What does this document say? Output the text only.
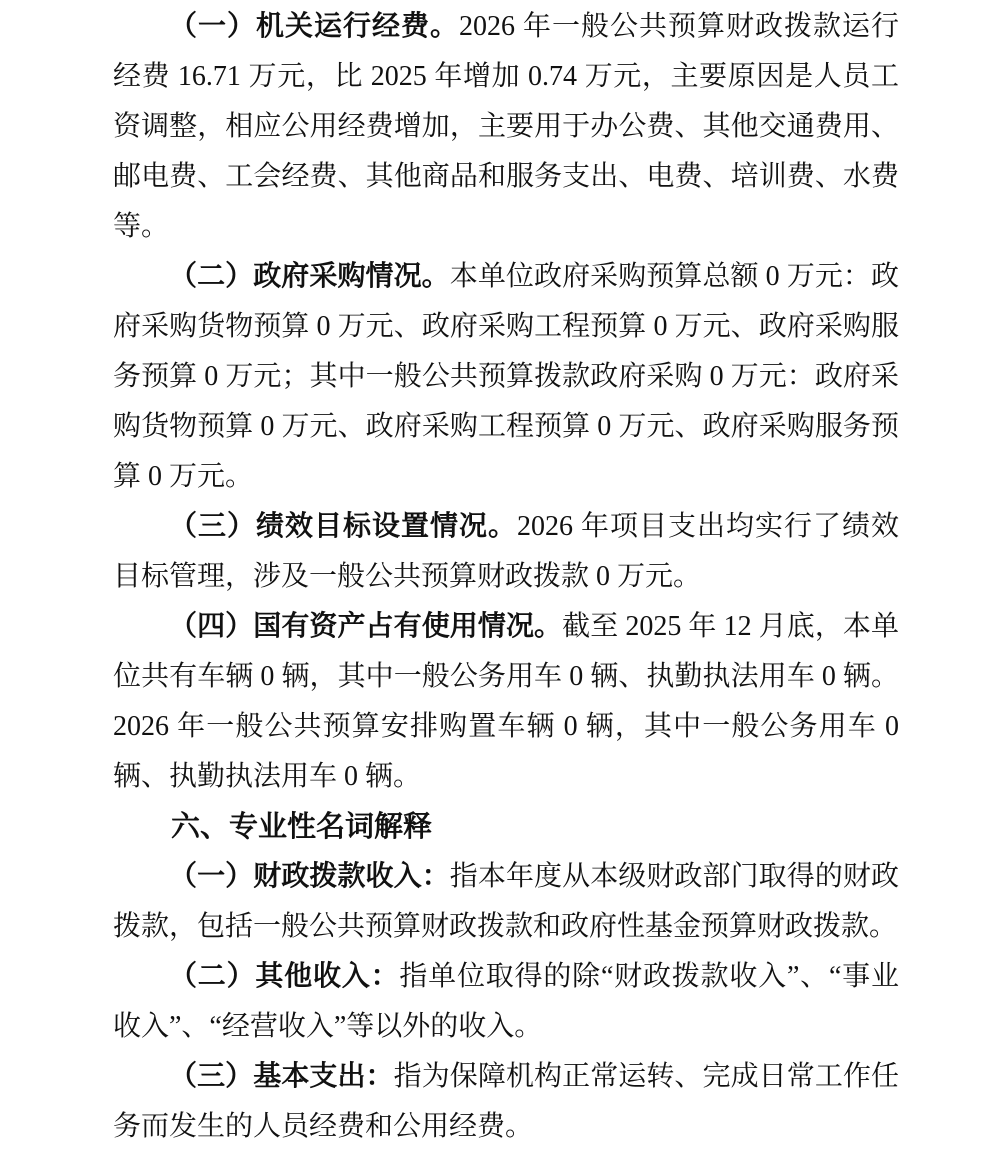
（一）机关运行经费。2026 年一般公共预算财政拨款运行经费 16.71 万元，比 2025 年增加 0.74 万元，主要原因是人员工资调整，相应公用经费增加，主要用于办公费、其他交通费用、邮电费、工会经费、其他商品和服务支出、电费、培训费、水费等。

（二）政府采购情况。本单位政府采购预算总额 0 万元：政府采购货物预算 0 万元、政府采购工程预算 0 万元、政府采购服务预算 0 万元；其中一般公共预算拨款政府采购 0 万元：政府采购货物预算 0 万元、政府采购工程预算 0 万元、政府采购服务预算 0 万元。

（三）绩效目标设置情况。2026 年项目支出均实行了绩效目标管理，涉及一般公共预算财政拨款 0 万元。

（四）国有资产占有使用情况。截至 2025 年 12 月底，本单位共有车辆 0 辆，其中一般公务用车 0 辆、执勤执法用车 0 辆。2026 年一般公共预算安排购置车辆 0 辆，其中一般公务用车 0 辆、执勤执法用车 0 辆。

六、专业性名词解释

（一）财政拨款收入：指本年度从本级财政部门取得的财政拨款，包括一般公共预算财政拨款和政府性基金预算财政拨款。

（二）其他收入：指单位取得的除“财政拨款收入”、“事业收入”、“经营收入”等以外的收入。

（三）基本支出：指为保障机构正常运转、完成日常工作任务而发生的人员经费和公用经费。
